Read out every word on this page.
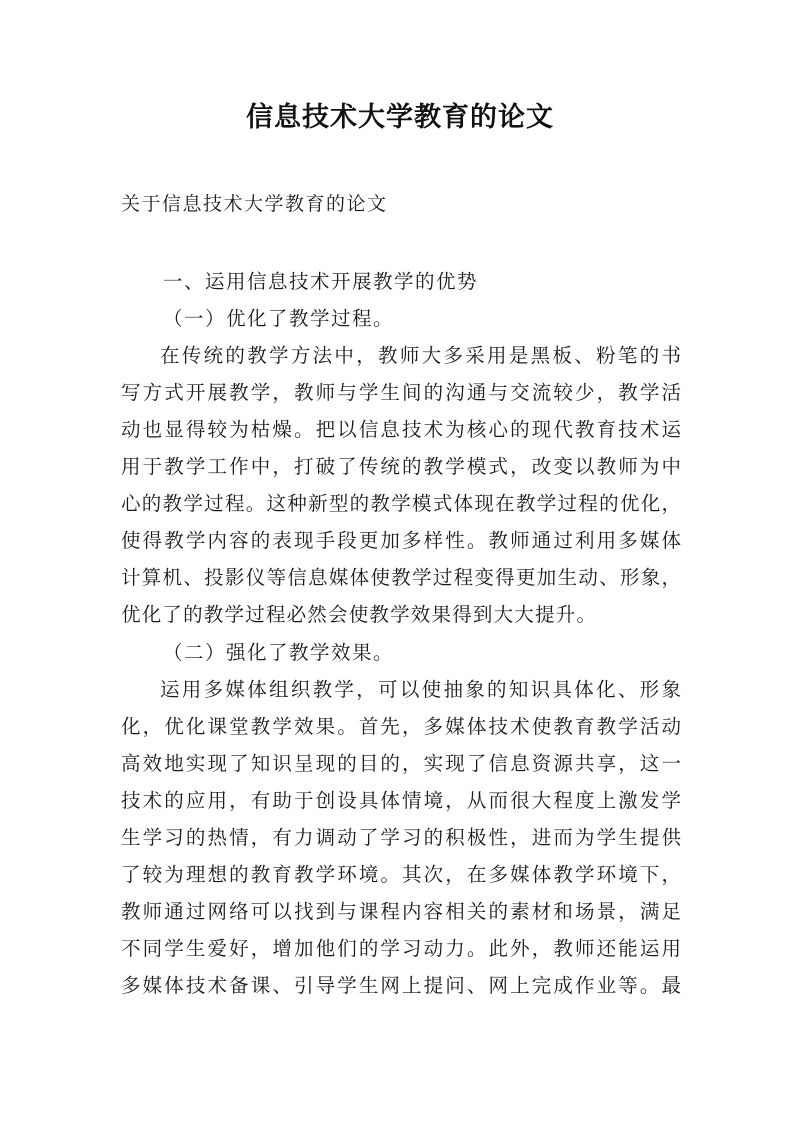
信息技术大学教育的论文
关于信息技术大学教育的论文
一、运用信息技术开展教学的优势
（一）优化了教学过程。
在传统的教学方法中，教师大多采用是黑板、粉笔的书
写方式开展教学，教师与学生间的沟通与交流较少，教学活
动也显得较为枯燥。把以信息技术为核心的现代教育技术运
用于教学工作中，打破了传统的教学模式，改变以教师为中
心的教学过程。这种新型的教学模式体现在教学过程的优化，
使得教学内容的表现手段更加多样性。教师通过利用多媒体
计算机、投影仪等信息媒体使教学过程变得更加生动、形象，
优化了的教学过程必然会使教学效果得到大大提升。
（二）强化了教学效果。
运用多媒体组织教学，可以使抽象的知识具体化、形象
化，优化课堂教学效果。首先，多媒体技术使教育教学活动
高效地实现了知识呈现的目的，实现了信息资源共享，这一
技术的应用，有助于创设具体情境，从而很大程度上激发学
生学习的热情，有力调动了学习的积极性，进而为学生提供
了较为理想的教育教学环境。其次，在多媒体教学环境下，
教师通过网络可以找到与课程内容相关的素材和场景，满足
不同学生爱好，增加他们的学习动力。此外，教师还能运用
多媒体技术备课、引导学生网上提问、网上完成作业等。最
